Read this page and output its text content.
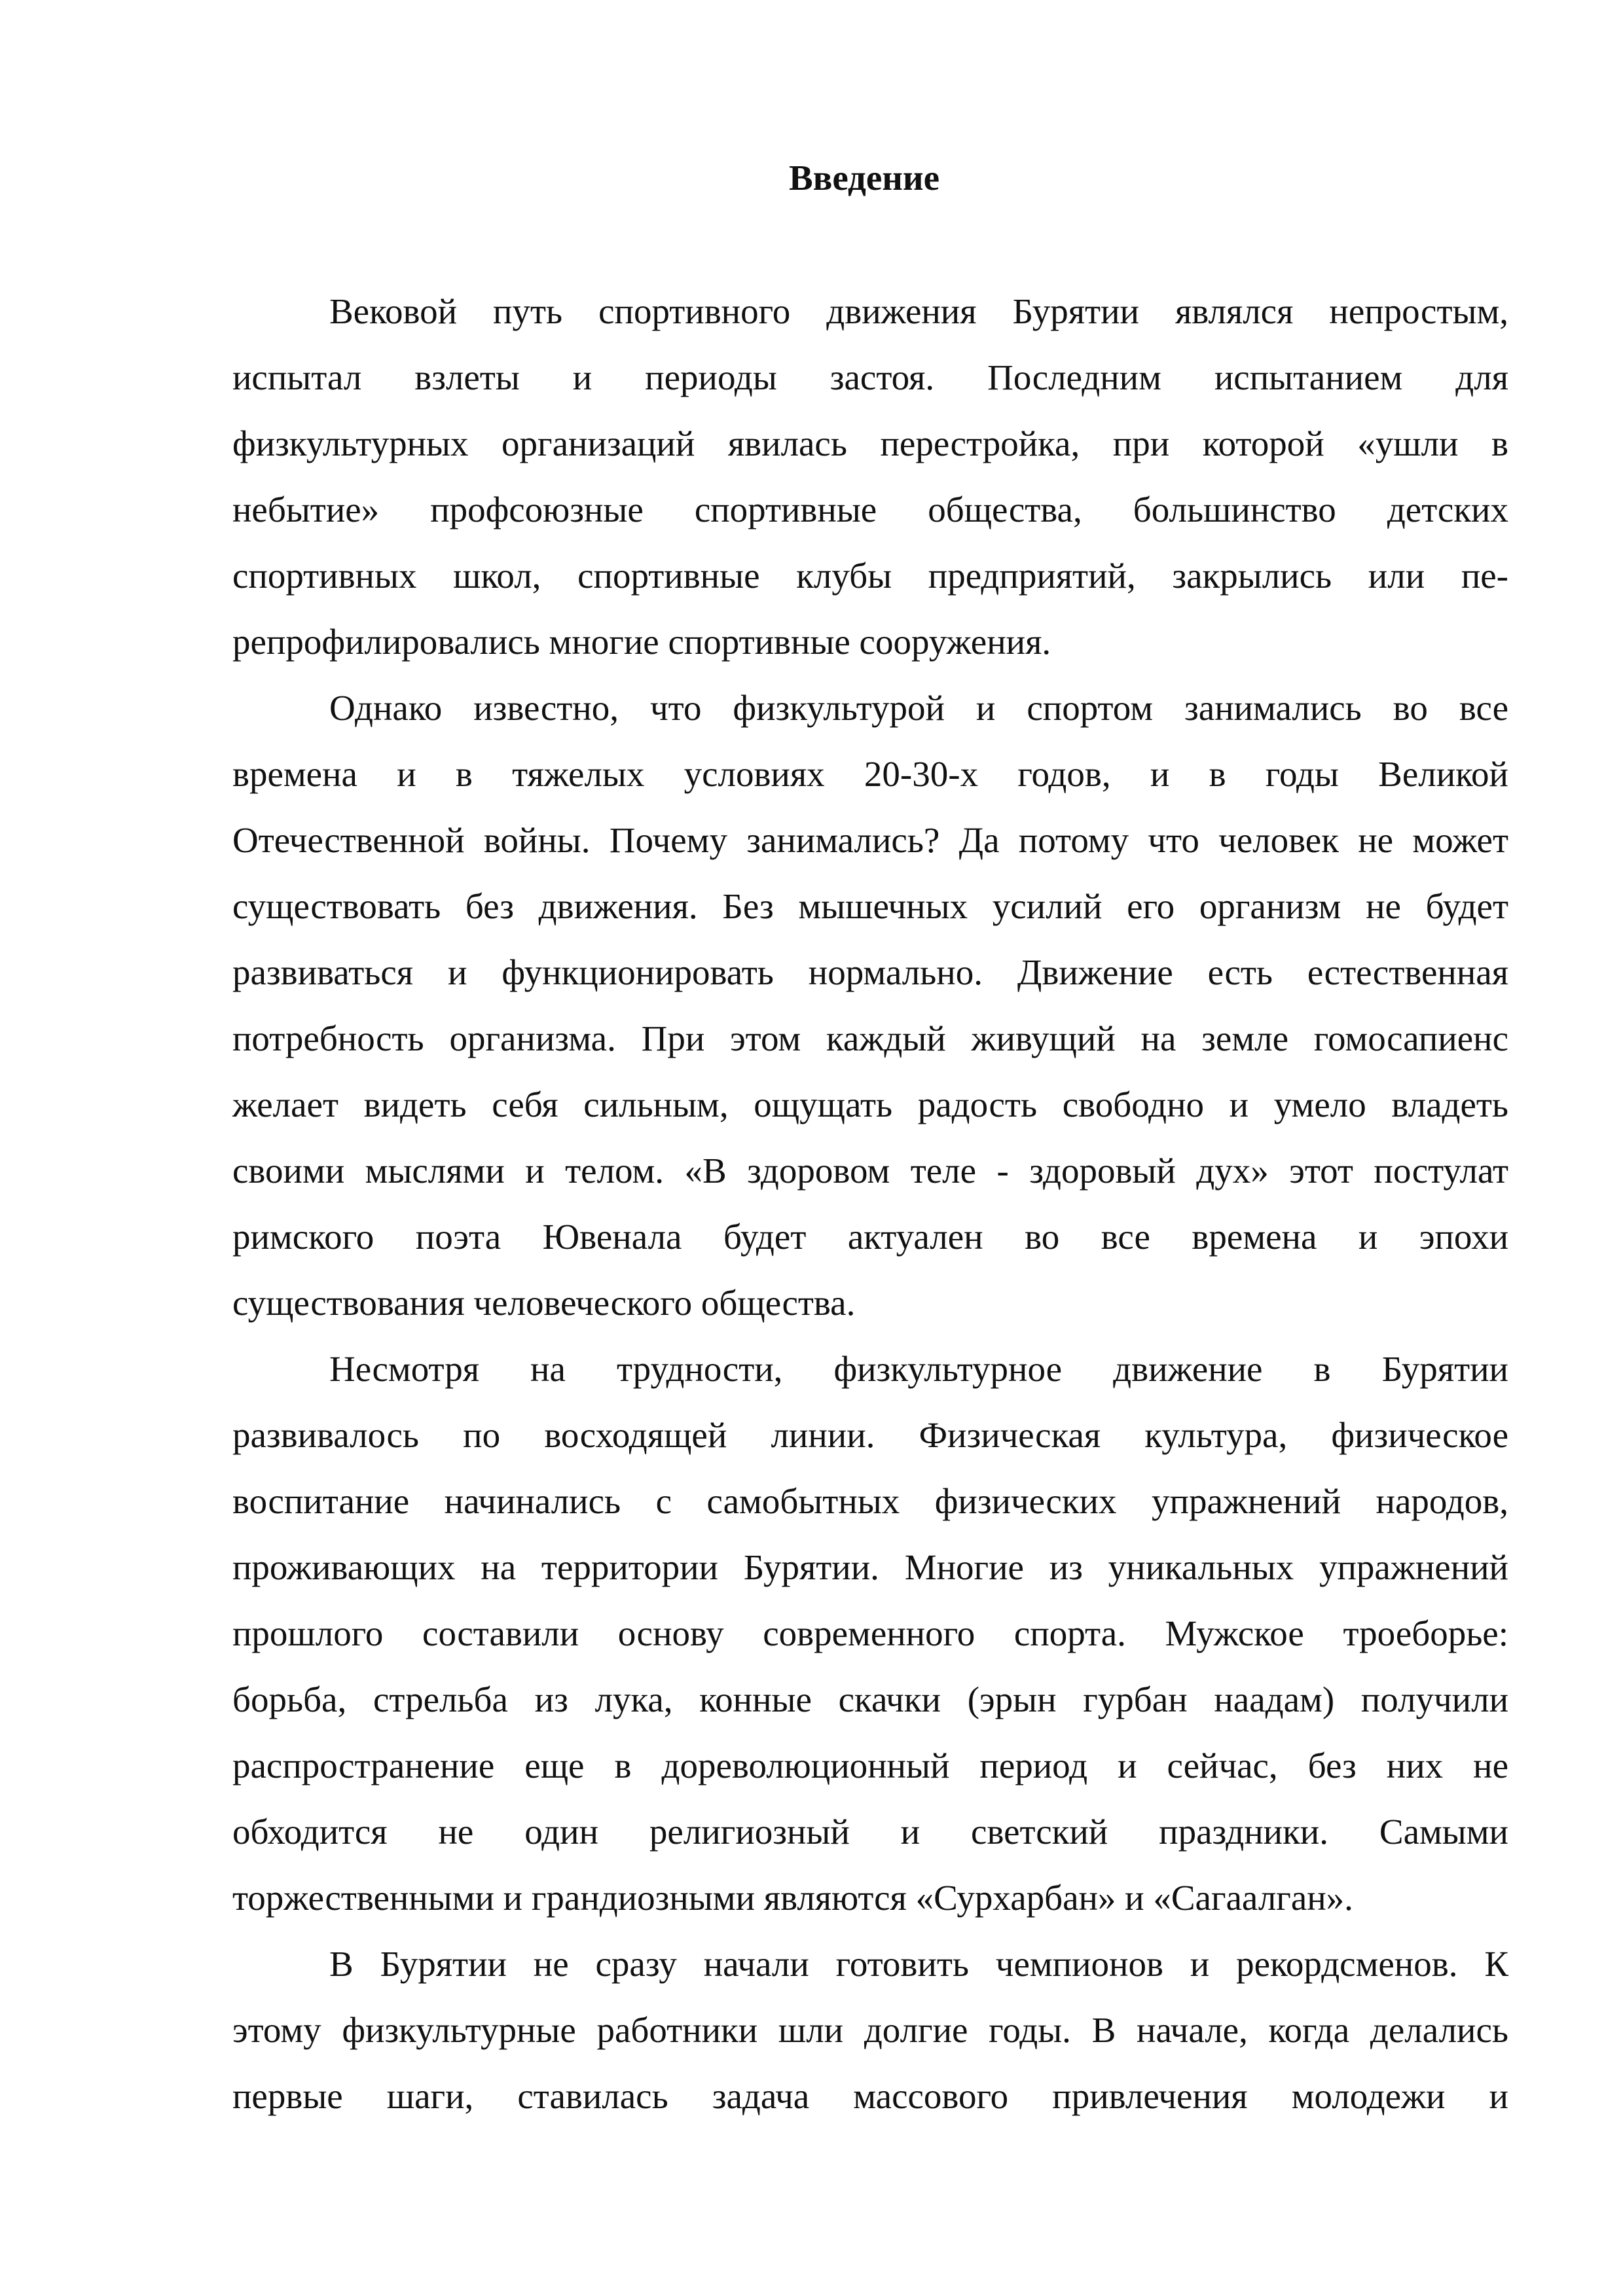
Введение
Вековой путь спортивного движения Бурятии являлся непростым,
испытал взлеты и периоды застоя. Последним испытанием для
физкультурных организаций явилась перестройка, при которой «ушли в
небытие» профсоюзные спортивные общества, большинство детских
спортивных школ, спортивные клубы предприятий, закрылись или пе-
репрофилировались многие спортивные сооружения.
Однако известно, что физкультурой и спортом занимались во все
времена и в тяжелых условиях 20-30-х годов, и в годы Великой
Отечественной войны. Почему занимались? Да потому что человек не может
существовать без движения. Без мышечных усилий его организм не будет
развиваться и функционировать нормально. Движение есть естественная
потребность организма. При этом каждый живущий на земле гомосапиенс
желает видеть себя сильным, ощущать радость свободно и умело владеть
своими мыслями и телом. «В здоровом теле - здоровый дух» этот постулат
римского поэта Ювенала будет актуален во все времена и эпохи
существования человеческого общества.
Несмотря на трудности, физкультурное движение в Бурятии
развивалось по восходящей линии. Физическая культура, физическое
воспитание начинались с самобытных физических упражнений народов,
проживающих на территории Бурятии. Многие из уникальных упражнений
прошлого составили основу современного спорта. Мужское троеборье:
борьба, стрельба из лука, конные скачки (эрын гурбан наадам) получили
распространение еще в дореволюционный период и сейчас, без них не
обходится не один религиозный и светский праздники. Самыми
торжественными и грандиозными являются «Сурхарбан» и «Сагаалган».
В Бурятии не сразу начали готовить чемпионов и рекордсменов. К
этому физкультурные работники шли долгие годы. В начале, когда делались
первые шаги, ставилась задача массового привлечения молодежи и
